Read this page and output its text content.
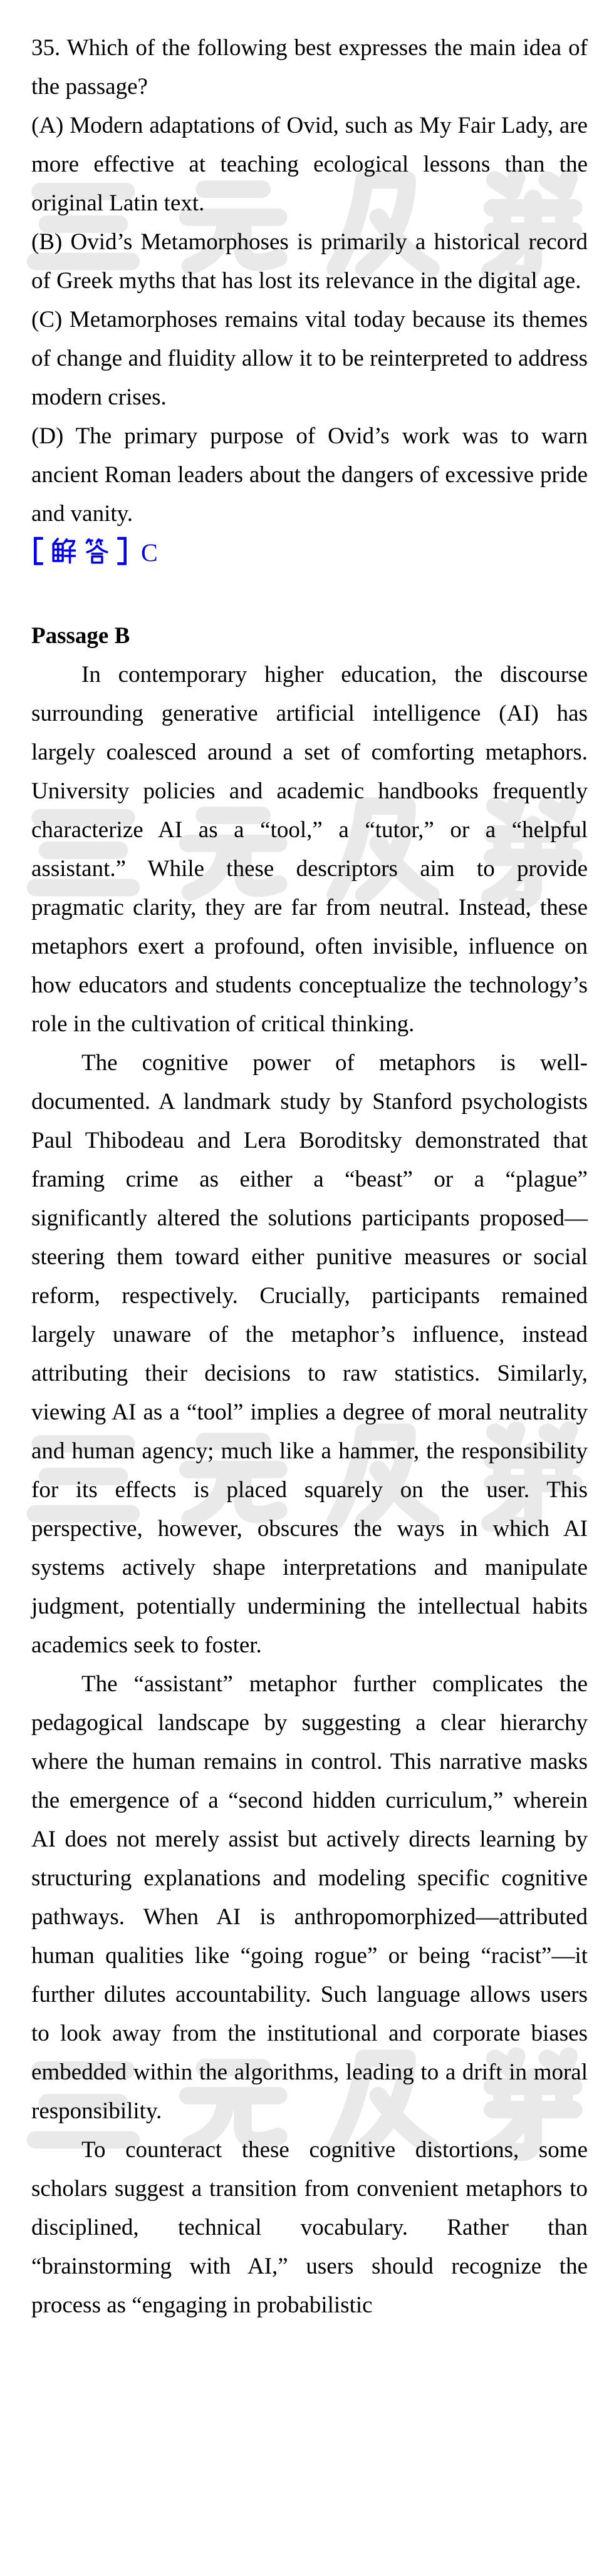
35. Which of the following best expresses the main idea of the passage?

(A) Modern adaptations of Ovid, such as My Fair Lady, are more effective at teaching ecological lessons than the original Latin text.

(B) Ovid’s Metamorphoses is primarily a historical record of Greek myths that has lost its relevance in the digital age.

(C) Metamorphoses remains vital today because its themes of change and fluidity allow it to be reinterpreted to address modern crises.

(D) The primary purpose of Ovid’s work was to warn ancient Roman leaders about the dangers of excessive pride and vanity.

C

Passage B

In contemporary higher education, the discourse surrounding generative artificial intelligence (AI) has largely coalesced around a set of comforting metaphors. University policies and academic handbooks frequently characterize AI as a “tool,” a “tutor,” or a “helpful assistant.” While these descriptors aim to provide pragmatic clarity, they are far from neutral. Instead, these metaphors exert a profound, often invisible, influence on how educators and students conceptualize the technology’s role in the cultivation of critical thinking.

The cognitive power of metaphors is well-documented. A landmark study by Stanford psychologists Paul Thibodeau and Lera Boroditsky demonstrated that framing crime as either a “beast” or a “plague” significantly altered the solutions participants proposed—steering them toward either punitive measures or social reform, respectively. Crucially, participants remained largely unaware of the metaphor’s influence, instead attributing their decisions to raw statistics. Similarly, viewing AI as a “tool” implies a degree of moral neutrality and human agency; much like a hammer, the responsibility for its effects is placed squarely on the user. This perspective, however, obscures the ways in which AI systems actively shape interpretations and manipulate judgment, potentially undermining the intellectual habits academics seek to foster.

The “assistant” metaphor further complicates the pedagogical landscape by suggesting a clear hierarchy where the human remains in control. This narrative masks the emergence of a “second hidden curriculum,” wherein AI does not merely assist but actively directs learning by structuring explanations and modeling specific cognitive pathways. When AI is anthropomorphized—attributed human qualities like “going rogue” or being “racist”—it further dilutes accountability. Such language allows users to look away from the institutional and corporate biases embedded within the algorithms, leading to a drift in moral responsibility.

To counteract these cognitive distortions, some scholars suggest a transition from convenient metaphors to disciplined, technical vocabulary. Rather than “brainstorming with AI,” users should recognize the process as “engaging in probabilistic
